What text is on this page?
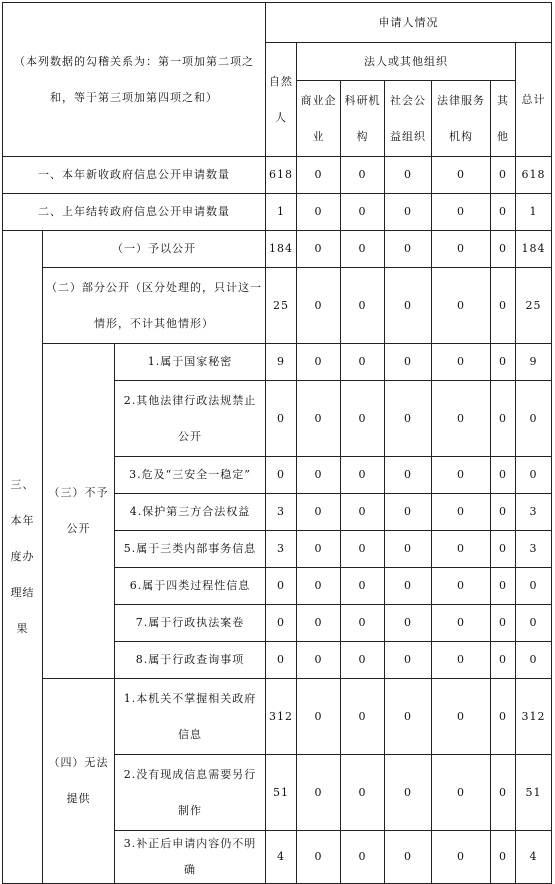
（本列数据的勾稽关系为：第一项加第二项之和，等于第三项加第四项之和）			申请人情况						
			自然人	法人或其他组织					总计
				商业企业	科研机构	社会公益组织	法律服务机构	其他	
一、本年新收政府信息公开申请数量			618	0	0	0	0	0	618
二、上年结转政府信息公开申请数量			1	0	0	0	0	0	1
三、本年度办理结果	（一）予以公开		184	0	0	0	0	0	184
	（二）部分公开（区分处理的，只计这一情形，不计其他情形）		25	0	0	0	0	0	25
	（三）不予公开	1.属于国家秘密	9	0	0	0	0	0	9
		2.其他法律行政法规禁止公开	0	0	0	0	0	0	0
		3.危及“三安全一稳定”	0	0	0	0	0	0	0
		4.保护第三方合法权益	3	0	0	0	0	0	3
		5.属于三类内部事务信息	3	0	0	0	0	0	3
		6.属于四类过程性信息	0	0	0	0	0	0	0
		7.属于行政执法案卷	0	0	0	0	0	0	0
		8.属于行政查询事项	0	0	0	0	0	0	0
	（四）无法提供	1.本机关不掌握相关政府信息	312	0	0	0	0	0	312
		2.没有现成信息需要另行制作	51	0	0	0	0	0	51
		3.补正后申请内容仍不明确	4	0	0	0	0	0	4
